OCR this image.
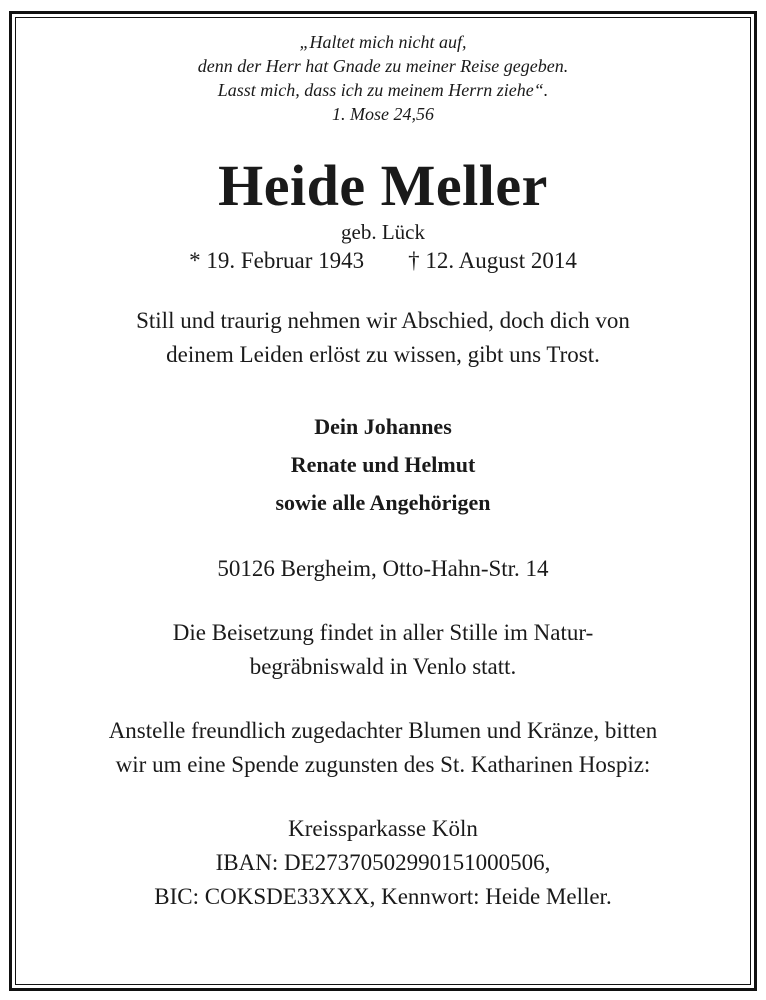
„Haltet mich nicht auf,

denn der Herr hat Gnade zu meiner Reise gegeben.

Lasst mich, dass ich zu meinem Herrn ziehe“.

1. Mose 24,56

Heide Meller

geb. Lück

* 19. Februar 1943 † 12. August 2014

Still und traurig nehmen wir Abschied, doch dich von

deinem Leiden erlöst zu wissen, gibt uns Trost.

Dein Johannes

Renate und Helmut

sowie alle Angehörigen

50126 Bergheim, Otto-Hahn-Str. 14

Die Beisetzung findet in aller Stille im Natur-

begräbniswald in Venlo statt.

Anstelle freundlich zugedachter Blumen und Kränze, bitten

wir um eine Spende zugunsten des St. Katharinen Hospiz:

Kreissparkasse Köln

IBAN: DE27370502990151000506,

BIC: COKSDE33XXX, Kennwort: Heide Meller.
